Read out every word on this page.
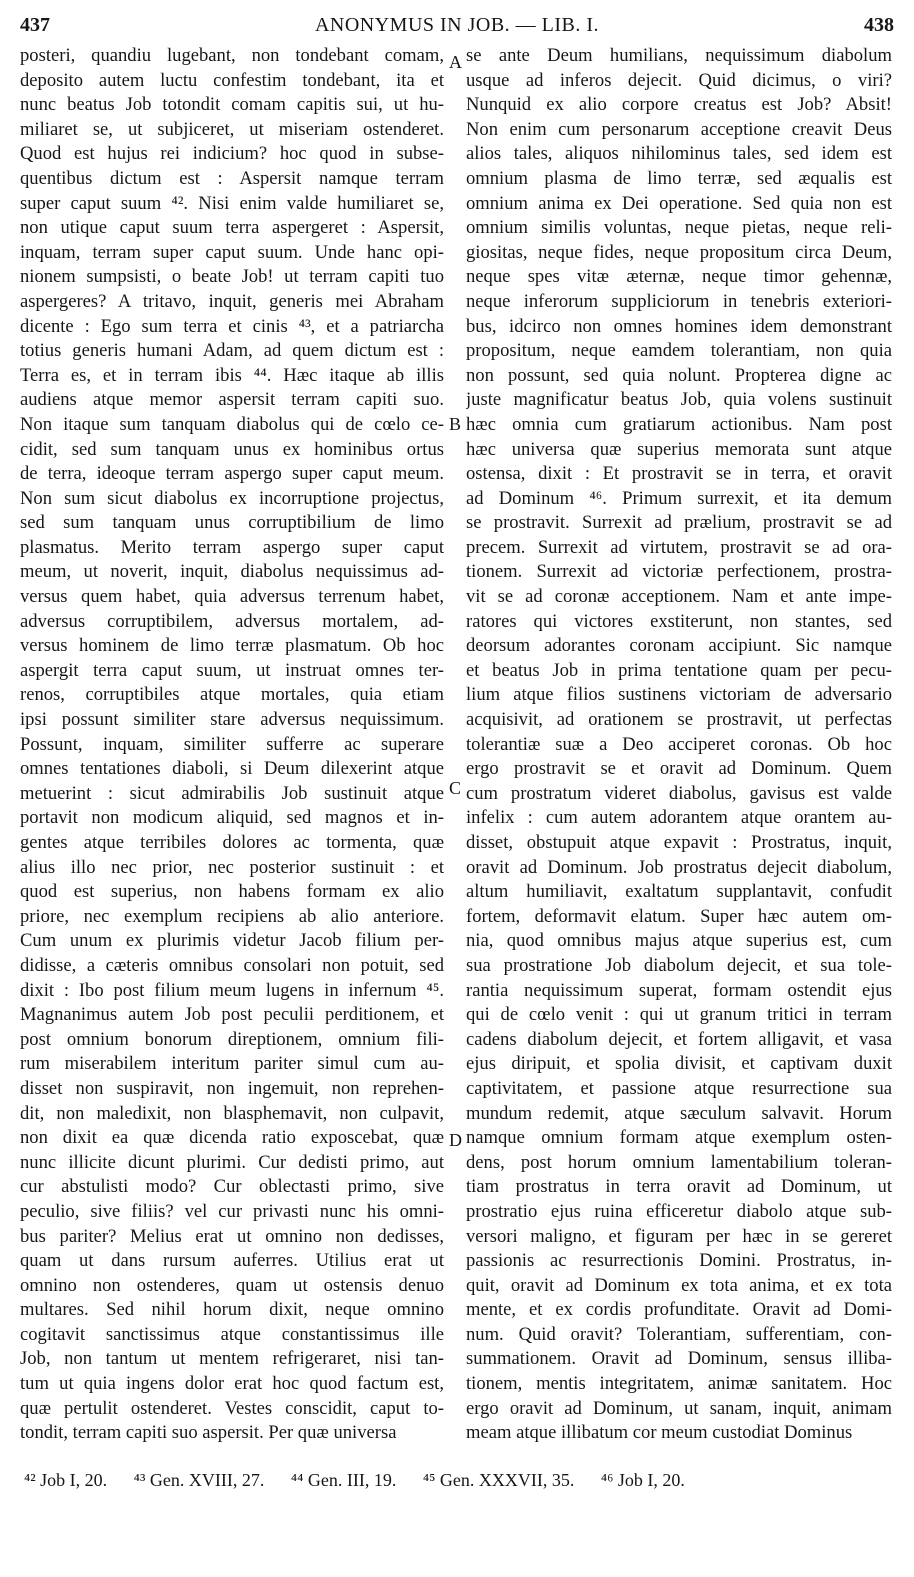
437	ANONYMUS IN JOB. — LIB. I.	438
posteri, quandiu lugebant, non tondebant comam,
deposito autem luctu confestim tondebant, ita et
nunc beatus Job totondit comam capitis sui, ut hu-
miliaret se, ut subjiceret, ut miseriam ostenderet.
Quod est hujus rei indicium? hoc quod in subse-
quentibus dictum est : Aspersit namque terram
super caput suum ⁴². Nisi enim valde humiliaret se,
non utique caput suum terra aspergeret : Aspersit,
inquam, terram super caput suum. Unde hanc opi-
nionem sumpsisti, o beate Job! ut terram capiti tuo
aspergeres? A tritavo, inquit, generis mei Abraham
dicente : Ego sum terra et cinis ⁴³, et a patriarcha
totius generis humani Adam, ad quem dictum est :
Terra es, et in terram ibis ⁴⁴. Hæc itaque ab illis
audiens atque memor aspersit terram capiti suo.
Non itaque sum tanquam diabolus qui de cœlo ce-
cidit, sed sum tanquam unus ex hominibus ortus
de terra, ideoque terram aspergo super caput meum.
Non sum sicut diabolus ex incorruptione projectus,
sed sum tanquam unus corruptibilium de limo
plasmatus. Merito terram aspergo super caput
meum, ut noverit, inquit, diabolus nequissimus ad-
versus quem habet, quia adversus terrenum habet,
adversus corruptibilem, adversus mortalem, ad-
versus hominem de limo terræ plasmatum. Ob hoc
aspergit terra caput suum, ut instruat omnes ter-
renos, corruptibiles atque mortales, quia etiam
ipsi possunt similiter stare adversus nequissimum.
Possunt, inquam, similiter sufferre ac superare
omnes tentationes diaboli, si Deum dilexerint atque
metuerint : sicut admirabilis Job sustinuit atque
portavit non modicum aliquid, sed magnos et in-
gentes atque terribiles dolores ac tormenta, quæ
alius illo nec prior, nec posterior sustinuit : et
quod est superius, non habens formam ex alio
priore, nec exemplum recipiens ab alio anteriore.
Cum unum ex plurimis videtur Jacob filium per-
didisse, a cæteris omnibus consolari non potuit, sed
dixit : Ibo post filium meum lugens in infernum ⁴⁵.
Magnanimus autem Job post peculii perditionem, et
post omnium bonorum direptionem, omnium fili-
rum miserabilem interitum pariter simul cum au-
disset non suspiravit, non ingemuit, non reprehen-
dit, non maledixit, non blasphemavit, non culpavit,
non dixit ea quæ dicenda ratio exposcebat, quæ
nunc illicite dicunt plurimi. Cur dedisti primo, aut
cur abstulisti modo? Cur oblectasti primo, sive
peculio, sive filiis? vel cur privasti nunc his omni-
bus pariter? Melius erat ut omnino non dedisses,
quam ut dans rursum auferres. Utilius erat ut
omnino non ostenderes, quam ut ostensis denuo
multares. Sed nihil horum dixit, neque omnino
cogitavit sanctissimus atque constantissimus ille
Job, non tantum ut mentem refrigeraret, nisi tan-
tum ut quia ingens dolor erat hoc quod factum est,
quæ pertulit ostenderet. Vestes conscidit, caput to-
tondit, terram capiti suo aspersit. Per quæ universa
se ante Deum humilians, nequissimum diabolum
usque ad inferos dejecit. Quid dicimus, o viri?
Nunquid ex alio corpore creatus est Job? Absit!
Non enim cum personarum acceptione creavit Deus
alios tales, aliquos nihilominus tales, sed idem est
omnium plasma de limo terræ, sed æqualis est
omnium anima ex Dei operatione. Sed quia non est
omnium similis voluntas, neque pietas, neque reli-
giositas, neque fides, neque propositum circa Deum,
neque spes vitæ æternæ, neque timor gehennæ,
neque inferorum suppliciorum in tenebris exteriori-
bus, idcirco non omnes homines idem demonstrant
propositum, neque eamdem tolerantiam, non quia
non possunt, sed quia nolunt. Propterea digne ac
juste magnificatur beatus Job, quia volens sustinuit
hæc omnia cum gratiarum actionibus. Nam post
hæc universa quæ superius memorata sunt atque
ostensa, dixit : Et prostravit se in terra, et oravit
ad Dominum ⁴⁶. Primum surrexit, et ita demum
se prostravit. Surrexit ad prælium, prostravit se ad
precem. Surrexit ad virtutem, prostravit se ad ora-
tionem. Surrexit ad victoriæ perfectionem, prostra-
vit se ad coronæ acceptionem. Nam et ante impe-
ratores qui victores exstiterunt, non stantes, sed
deorsum adorantes coronam accipiunt. Sic namque
et beatus Job in prima tentatione quam per pecu-
lium atque filios sustinens victoriam de adversario
acquisivit, ad orationem se prostravit, ut perfectas
tolerantiæ suæ a Deo acciperet coronas. Ob hoc
ergo prostravit se et oravit ad Dominum. Quem
cum prostratum videret diabolus, gavisus est valde
infelix : cum autem adorantem atque orantem au-
disset, obstupuit atque expavit : Prostratus, inquit,
oravit ad Dominum. Job prostratus dejecit diabolum,
altum humiliavit, exaltatum supplantavit, confudit
fortem, deformavit elatum. Super hæc autem om-
nia, quod omnibus majus atque superius est, cum
sua prostratione Job diabolum dejecit, et sua tole-
rantia nequissimum superat, formam ostendit ejus
qui de cœlo venit : qui ut granum tritici in terram
cadens diabolum dejecit, et fortem alligavit, et vasa
ejus diripuit, et spolia divisit, et captivam duxit
captivitatem, et passione atque resurrectione sua
mundum redemit, atque sæculum salvavit. Horum
namque omnium formam atque exemplum osten-
dens, post horum omnium lamentabilium toleran-
tiam prostratus in terra oravit ad Dominum, ut
prostratio ejus ruina efficeretur diabolo atque sub-
versori maligno, et figuram per hæc in se gereret
passionis ac resurrectionis Domini. Prostratus, in-
quit, oravit ad Dominum ex tota anima, et ex tota
mente, et ex cordis profunditate. Oravit ad Domi-
num. Quid oravit? Tolerantiam, sufferentiam, con-
summationem. Oravit ad Dominum, sensus illiba-
tionem, mentis integritatem, animæ sanitatem. Hoc
ergo oravit ad Dominum, ut sanam, inquit, animam
meam atque illibatum cor meum custodiat Dominus
A
B
C
D
⁴² Job I, 20. ⁴³ Gen. XVIII, 27. ⁴⁴ Gen. III, 19. ⁴⁵ Gen. XXXVII, 35. ⁴⁶ Job I, 20.
